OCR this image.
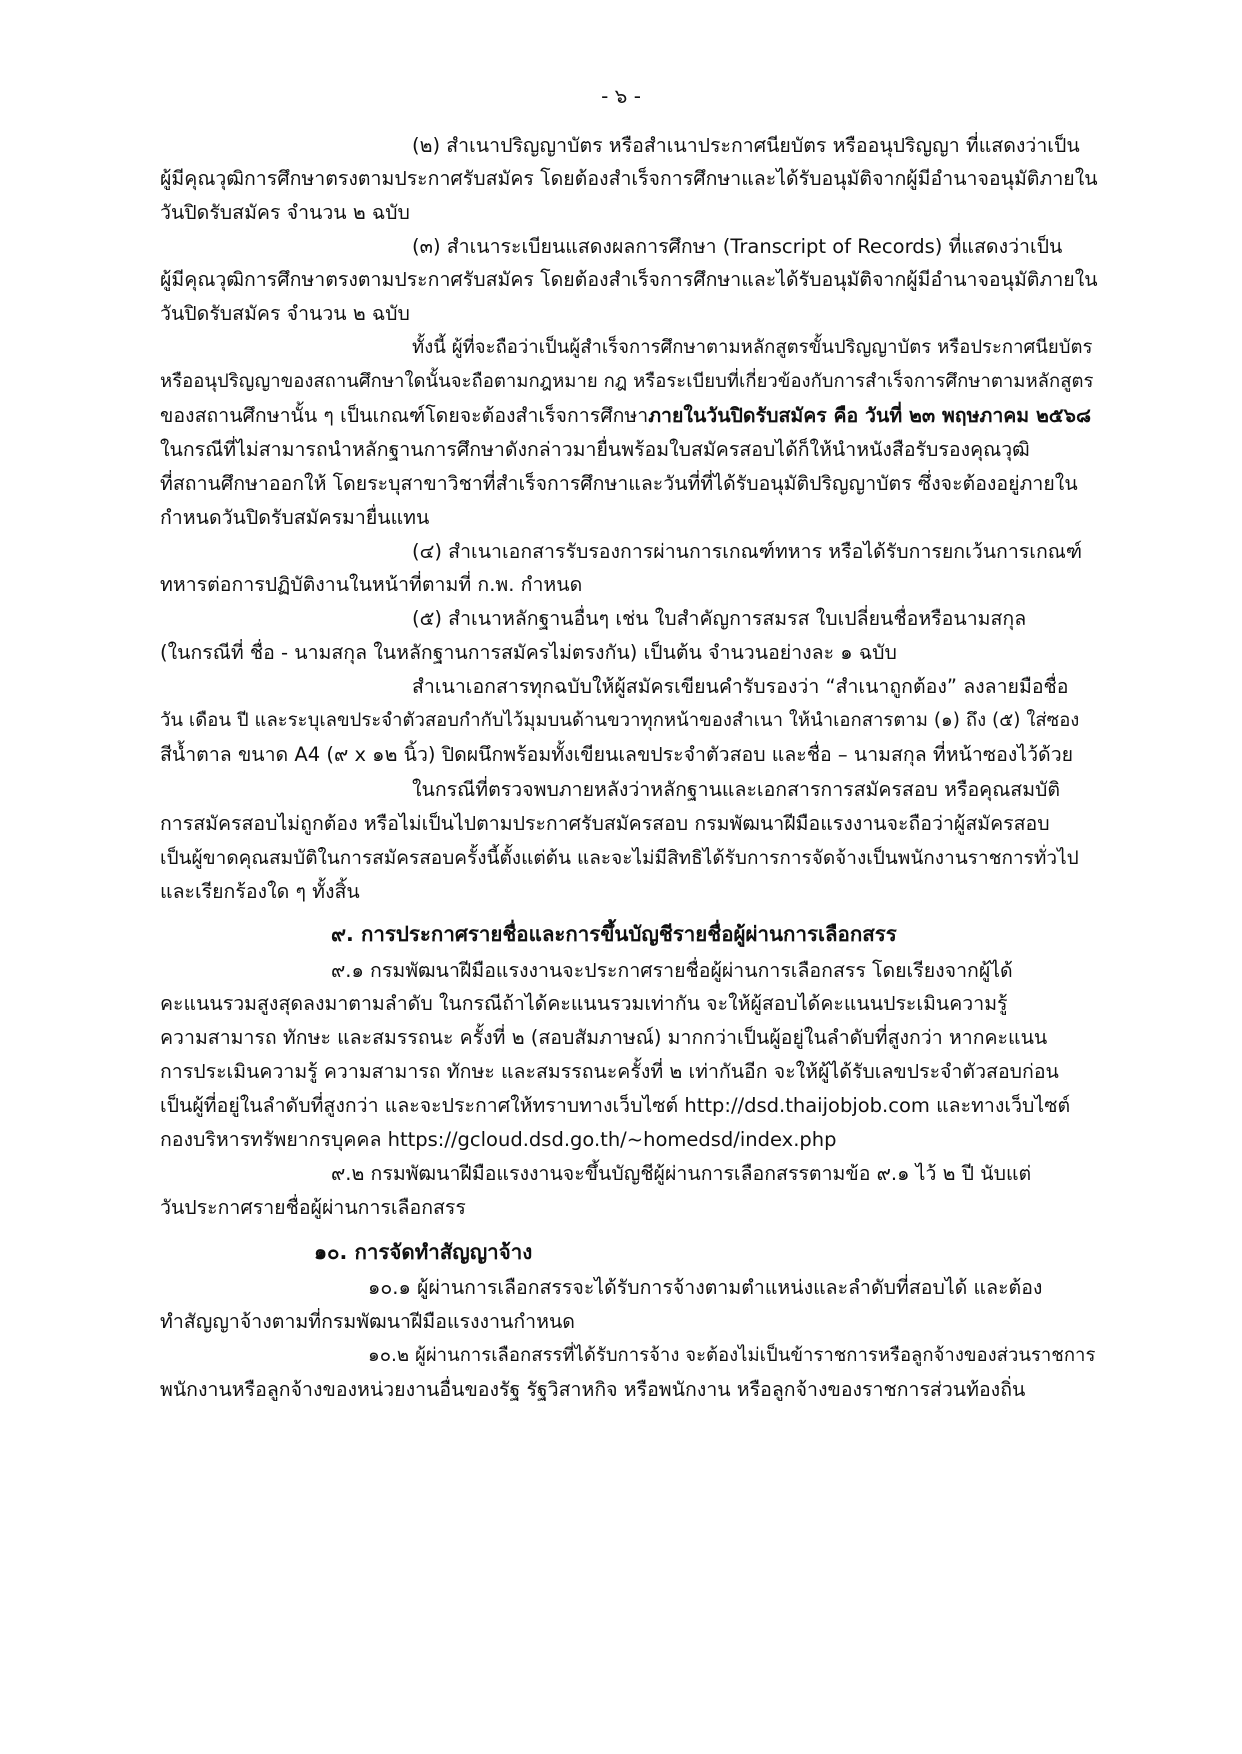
- ๖ -
(๒) สำเนาปริญญาบัตร หรือสำเนาประกาศนียบัตร หรืออนุปริญญา ที่แสดงว่าเป็น
ผู้มีคุณวุฒิการศึกษาตรงตามประกาศรับสมัคร โดยต้องสำเร็จการศึกษาและได้รับอนุมัติจากผู้มีอำนาจอนุมัติภายใน
วันปิดรับสมัคร จำนวน ๒ ฉบับ
(๓) สำเนาระเบียนแสดงผลการศึกษา (Transcript of Records) ที่แสดงว่าเป็น
ผู้มีคุณวุฒิการศึกษาตรงตามประกาศรับสมัคร โดยต้องสำเร็จการศึกษาและได้รับอนุมัติจากผู้มีอำนาจอนุมัติภายใน
วันปิดรับสมัคร จำนวน ๒ ฉบับ
ทั้งนี้ ผู้ที่จะถือว่าเป็นผู้สำเร็จการศึกษาตามหลักสูตรขั้นปริญญาบัตร หรือประกาศนียบัตร
หรืออนุปริญญาของสถานศึกษาใดนั้นจะถือตามกฎหมาย กฎ หรือระเบียบที่เกี่ยวข้องกับการสำเร็จการศึกษาตามหลักสูตร
ของสถานศึกษานั้น ๆ เป็นเกณฑ์โดยจะต้องสำเร็จการศึกษาภายในวันปิดรับสมัคร คือ วันที่ ๒๓ พฤษภาคม ๒๕๖๘
ในกรณีที่ไม่สามารถนำหลักฐานการศึกษาดังกล่าวมายื่นพร้อมใบสมัครสอบได้ก็ให้นำหนังสือรับรองคุณวุฒิ
ที่สถานศึกษาออกให้ โดยระบุสาขาวิชาที่สำเร็จการศึกษาและวันที่ที่ได้รับอนุมัติปริญญาบัตร ซึ่งจะต้องอยู่ภายใน
กำหนดวันปิดรับสมัครมายื่นแทน
(๔) สำเนาเอกสารรับรองการผ่านการเกณฑ์ทหาร หรือได้รับการยกเว้นการเกณฑ์
ทหารต่อการปฏิบัติงานในหน้าที่ตามที่ ก.พ. กำหนด
(๕) สำเนาหลักฐานอื่นๆ เช่น ใบสำคัญการสมรส ใบเปลี่ยนชื่อหรือนามสกุล
(ในกรณีที่ ชื่อ - นามสกุล ในหลักฐานการสมัครไม่ตรงกัน) เป็นต้น จำนวนอย่างละ ๑ ฉบับ
สำเนาเอกสารทุกฉบับให้ผู้สมัครเขียนคำรับรองว่า “สำเนาถูกต้อง” ลงลายมือชื่อ
วัน เดือน ปี และระบุเลขประจำตัวสอบกำกับไว้มุมบนด้านขวาทุกหน้าของสำเนา ให้นำเอกสารตาม (๑) ถึง (๕) ใส่ซอง
สีน้ำตาล ขนาด A4 (๙ x ๑๒ นิ้ว) ปิดผนึกพร้อมทั้งเขียนเลขประจำตัวสอบ และชื่อ – นามสกุล ที่หน้าซองไว้ด้วย
ในกรณีที่ตรวจพบภายหลังว่าหลักฐานและเอกสารการสมัครสอบ หรือคุณสมบัติ
การสมัครสอบไม่ถูกต้อง หรือไม่เป็นไปตามประกาศรับสมัครสอบ กรมพัฒนาฝีมือแรงงานจะถือว่าผู้สมัครสอบ
เป็นผู้ขาดคุณสมบัติในการสมัครสอบครั้งนี้ตั้งแต่ต้น และจะไม่มีสิทธิได้รับการการจัดจ้างเป็นพนักงานราชการทั่วไป
และเรียกร้องใด ๆ ทั้งสิ้น
๙. การประกาศรายชื่อและการขึ้นบัญชีรายชื่อผู้ผ่านการเลือกสรร
๙.๑ กรมพัฒนาฝีมือแรงงานจะประกาศรายชื่อผู้ผ่านการเลือกสรร โดยเรียงจากผู้ได้
คะแนนรวมสูงสุดลงมาตามลำดับ ในกรณีถ้าได้คะแนนรวมเท่ากัน จะให้ผู้สอบได้คะแนนประเมินความรู้
ความสามารถ ทักษะ และสมรรถนะ ครั้งที่ ๒ (สอบสัมภาษณ์) มากกว่าเป็นผู้อยู่ในลำดับที่สูงกว่า หากคะแนน
การประเมินความรู้ ความสามารถ ทักษะ และสมรรถนะครั้งที่ ๒ เท่ากันอีก จะให้ผู้ได้รับเลขประจำตัวสอบก่อน
เป็นผู้ที่อยู่ในลำดับที่สูงกว่า และจะประกาศให้ทราบทางเว็บไซต์ http://dsd.thaijobjob.com และทางเว็บไซต์
กองบริหารทรัพยากรบุคคล https://gcloud.dsd.go.th/~homedsd/index.php
๙.๒ กรมพัฒนาฝีมือแรงงานจะขึ้นบัญชีผู้ผ่านการเลือกสรรตามข้อ ๙.๑ ไว้ ๒ ปี นับแต่
วันประกาศรายชื่อผู้ผ่านการเลือกสรร
๑๐. การจัดทำสัญญาจ้าง
๑๐.๑ ผู้ผ่านการเลือกสรรจะได้รับการจ้างตามตำแหน่งและลำดับที่สอบได้ และต้อง
ทำสัญญาจ้างตามที่กรมพัฒนาฝีมือแรงงานกำหนด
๑๐.๒ ผู้ผ่านการเลือกสรรที่ได้รับการจ้าง จะต้องไม่เป็นข้าราชการหรือลูกจ้างของส่วนราชการ
พนักงานหรือลูกจ้างของหน่วยงานอื่นของรัฐ รัฐวิสาหกิจ หรือพนักงาน หรือลูกจ้างของราชการส่วนท้องถิ่น
